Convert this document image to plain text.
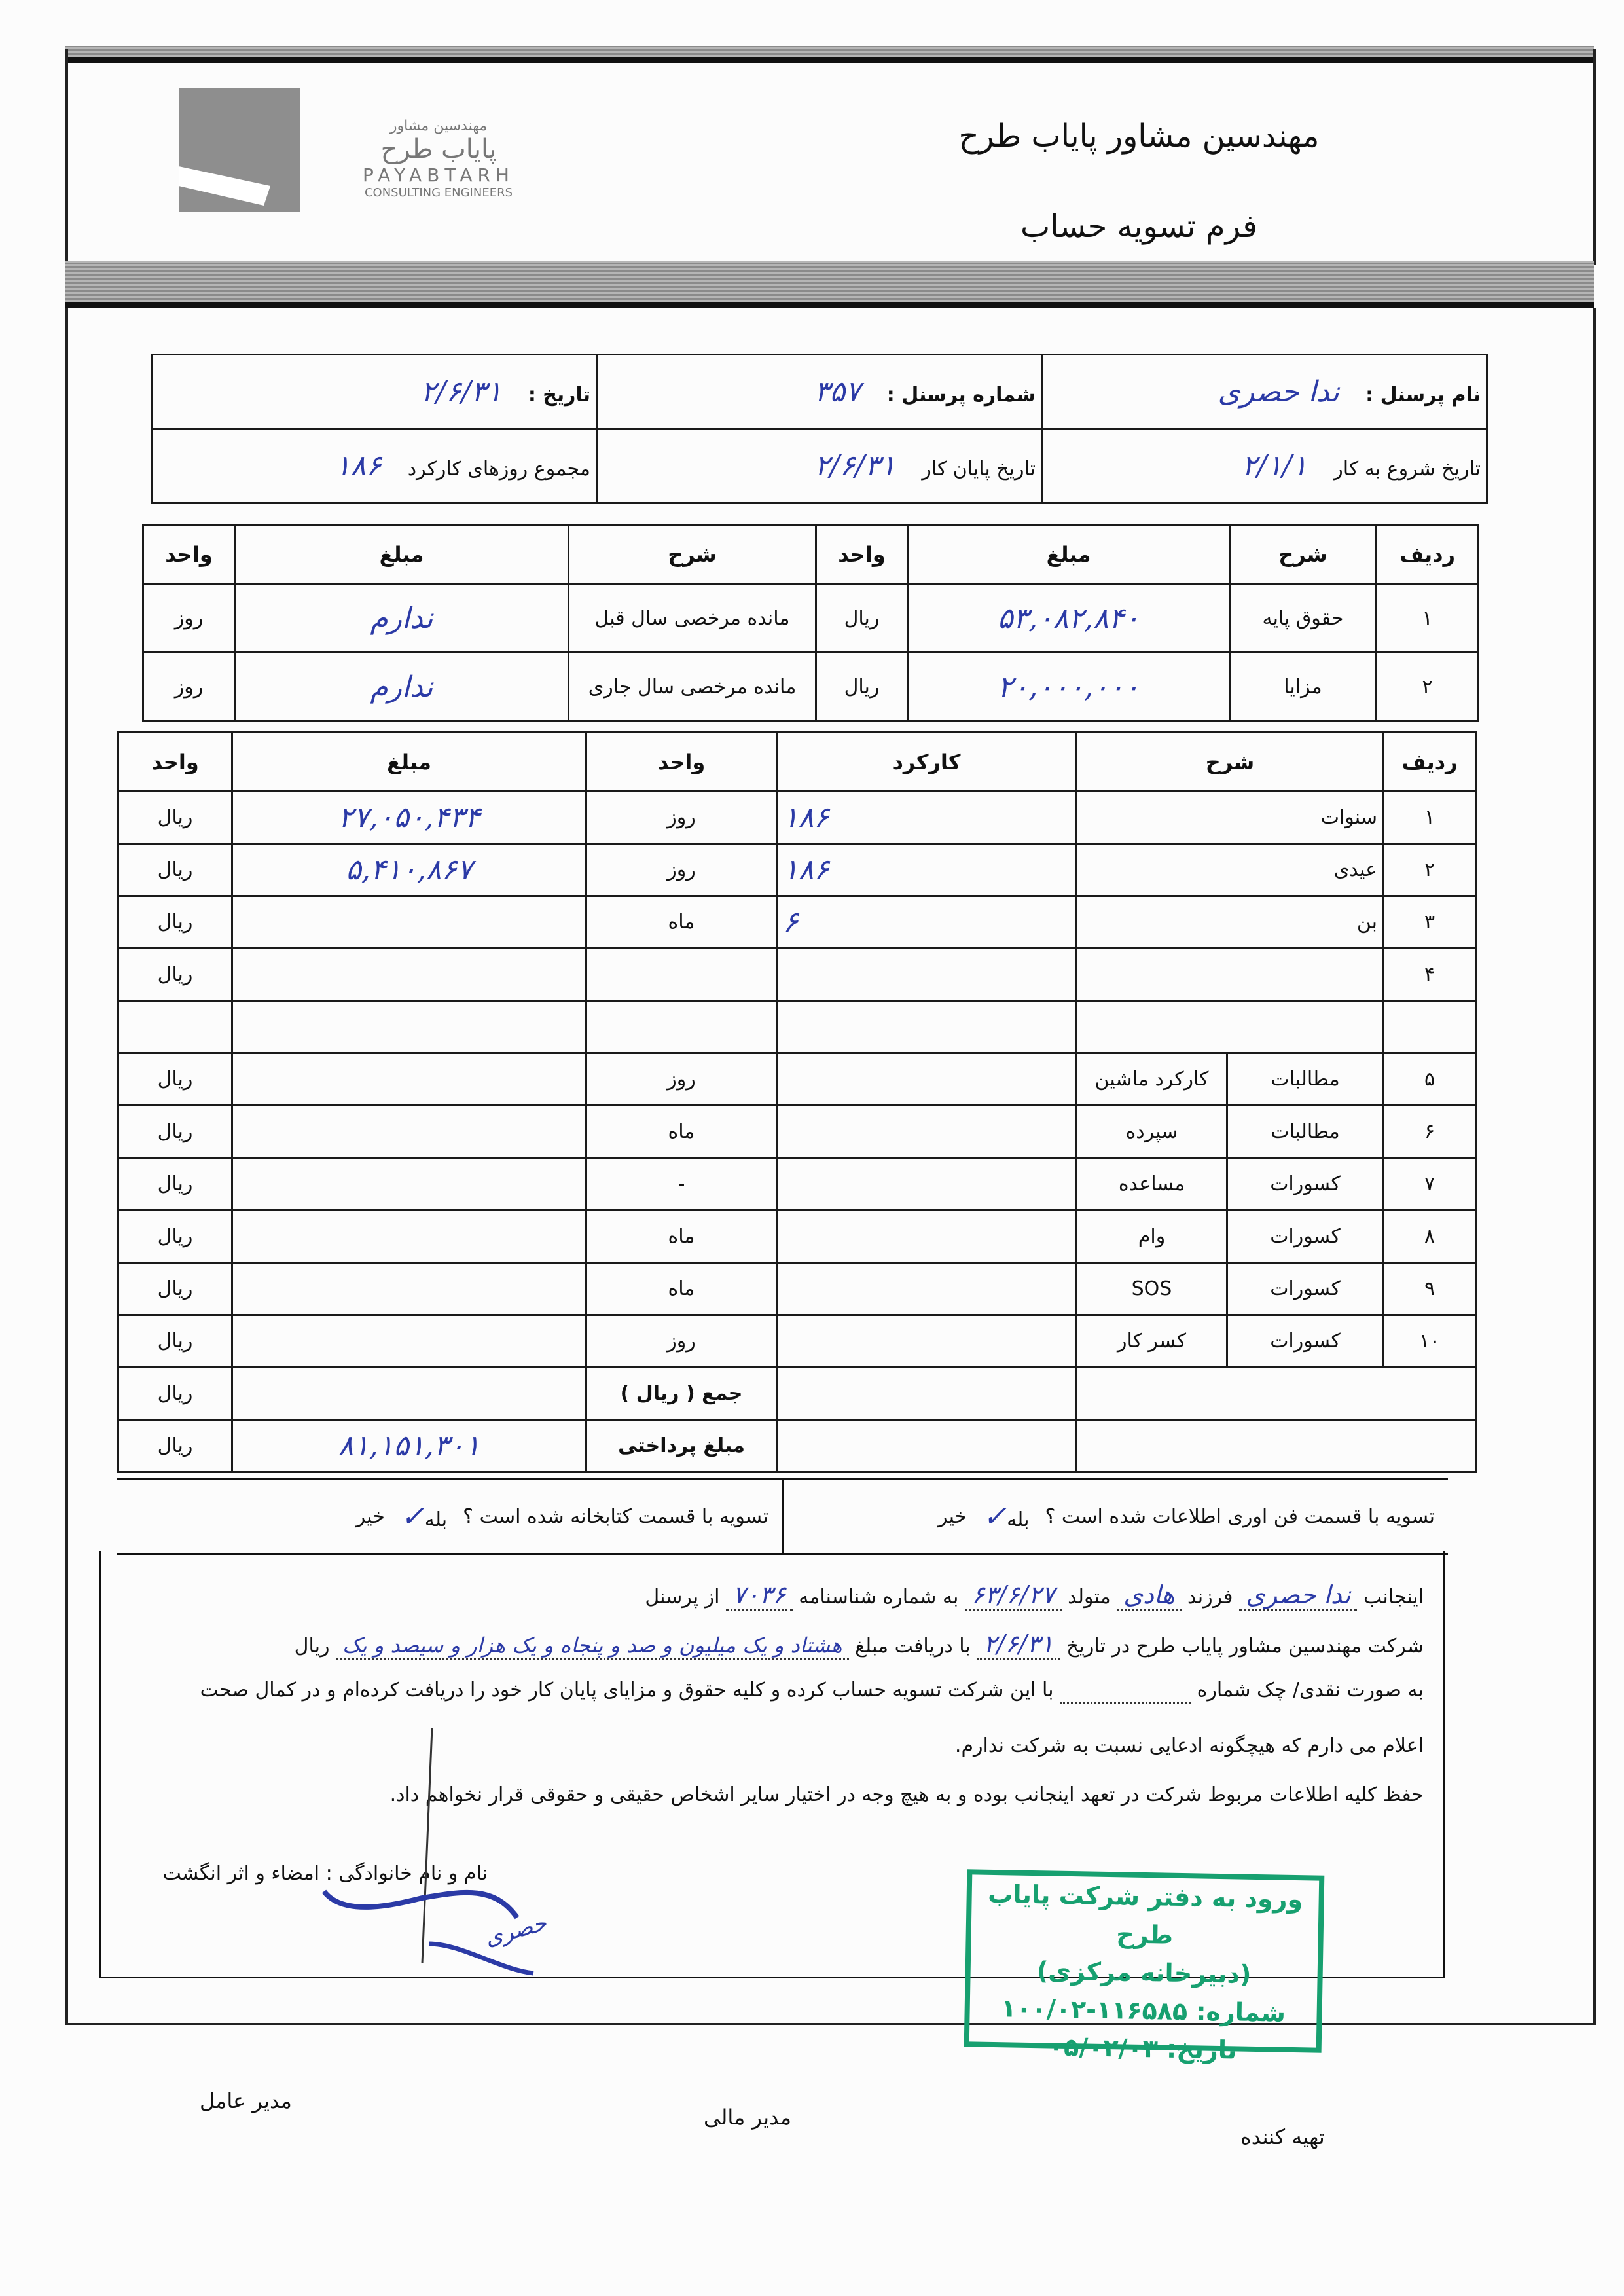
مهندسین مشاور
پایاب طرح
PAYABTARH
CONSULTING ENGINEERS
مهندسین مشاور پایاب طرح
فرم تسویه حساب
نام پرسنل :ندا حصری	شماره پرسنل :۳۵۷	تاریخ :۲/۶/۳۱
تاریخ شروع به کار۲/۱/۱	تاریخ پایان کار۲/۶/۳۱	مجموع روزهای کارکرد۱۸۶
ردیف	شرح	مبلغ	واحد	شرح	مبلغ	واحد
۱	حقوق پایه	۵۳,۰۸۲,۸۴۰	ریال	مانده مرخصی سال قبل	ندارم	روز
۲	مزایا	۲۰,۰۰۰,۰۰۰	ریال	مانده مرخصی سال جاری	ندارم	روز
ردیف	شرح		کارکرد	واحد	مبلغ	واحد
۱	سنوات		۱۸۶	روز	۲۷,۰۵۰,۴۳۴	ریال
۲	عیدی		۱۸۶	روز	۵,۴۱۰,۸۶۷	ریال
۳	بن		۶	ماه		ریال
۴						ریال

۵	مطالبات	کارکرد ماشین		روز		ریال
۶	مطالبات	سپرده		ماه		ریال
۷	کسورات	مساعده		-		ریال
۸	کسورات	وام		ماه		ریال
۹	کسورات	SOS		ماه		ریال
۱۰	کسورات	کسر کار		روز		ریال
				جمع ( ریال )		ریال
				مبلغ پرداختی	۸۱,۱۵۱,۳۰۱	ریال
تسویه با قسمت فن اوری اطلاعات شده است ؟
بله✓
خیر
تسویه با قسمت کتابخانه شده است ؟
بله✓
خیر
اینجانب ندا حصری فرزند هادی متولد ۶۳/۶/۲۷ به شماره شناسنامه ۷۰۳۶ از پرسنل
شرکت مهندسین مشاور پایاب طرح در تاریخ ۲/۶/۳۱ با دریافت مبلغ هشتاد و یک میلیون و صد و پنجاه و یک هزار و سیصد و یک ریال
به صورت نقدی/ چک شماره   با این شرکت تسویه حساب کرده و کلیه حقوق و مزایای پایان کار خود را دریافت کرده‌ام و در کمال صحت
اعلام می دارم که هیچگونه ادعایی نسبت به شرکت ندارم.
حفظ کلیه اطلاعات مربوط شرکت در تعهد اینجانب بوده و به هیچ وجه در اختیار سایر اشخاص حقیقی و حقوقی قرار نخواهم داد.
نام و نام خانوادگی : امضاء و اثر انگشت
حصری
ورود به دفتر شرکت پایاب طرح
(دبیرخانه مرکزی)
شماره: ۱۰۰/۰۲-۱۱۶۵۸۵
تاریخ: ۰۵/۰۲/۰۳
مدیر عامل
مدیر مالی
تهیه کننده
